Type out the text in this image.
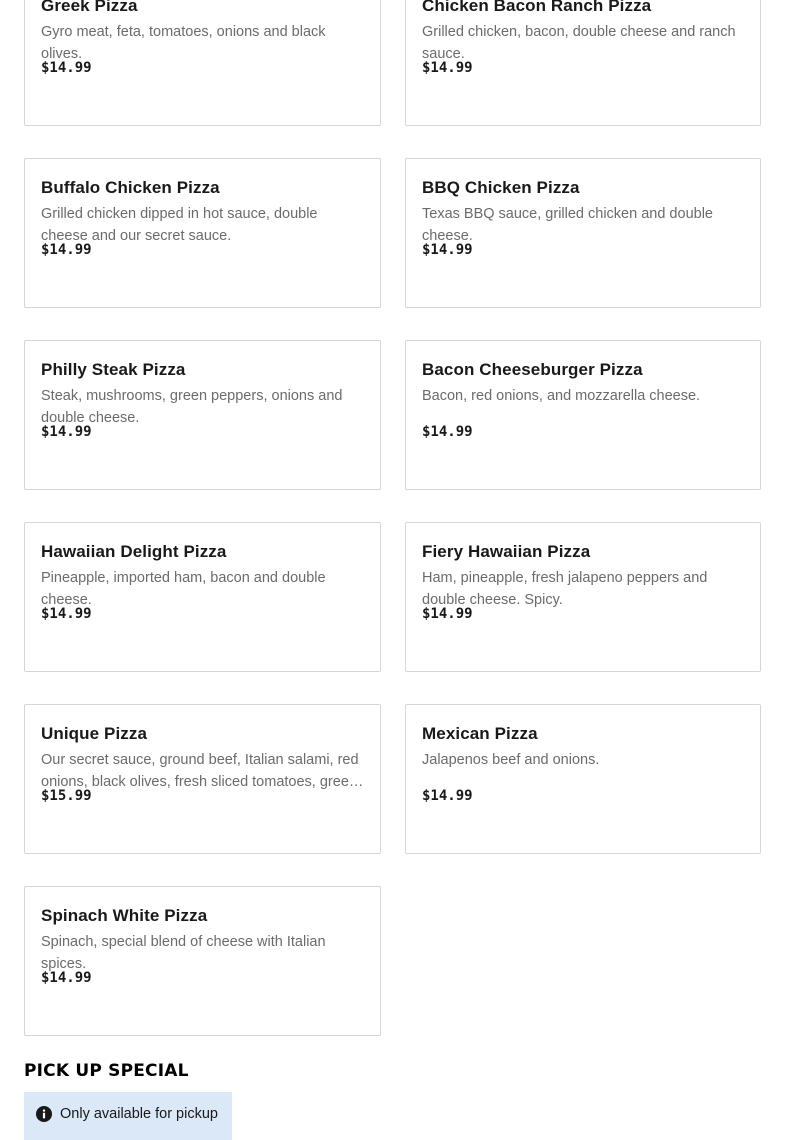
Greek Pizza
Gyro meat, feta, tomatoes, onions and black olives.
$14.99
Chicken Bacon Ranch Pizza
Grilled chicken, bacon, double cheese and ranch sauce.
$14.99
Buffalo Chicken Pizza
Grilled chicken dipped in hot sauce, double cheese and our secret sauce.
$14.99
BBQ Chicken Pizza
Texas BBQ sauce, grilled chicken and double cheese.
$14.99
Philly Steak Pizza
Steak, mushrooms, green peppers, onions and double cheese.
$14.99
Bacon Cheeseburger Pizza
Bacon, red onions, and mozzarella cheese.
$14.99
Hawaiian Delight Pizza
Pineapple, imported ham, bacon and double cheese.
$14.99
Fiery Hawaiian Pizza
Ham, pineapple, fresh jalapeno peppers and double cheese. Spicy.
$14.99
Unique Pizza
Our secret sauce, ground beef, Italian salami, red onions, black olives, fresh sliced tomatoes, gree…
$15.99
Mexican Pizza
Jalapenos beef and onions.
$14.99
Spinach White Pizza
Spinach, special blend of cheese with Italian spices.
$14.99
PICK UP SPECIAL
Only available for pickup
